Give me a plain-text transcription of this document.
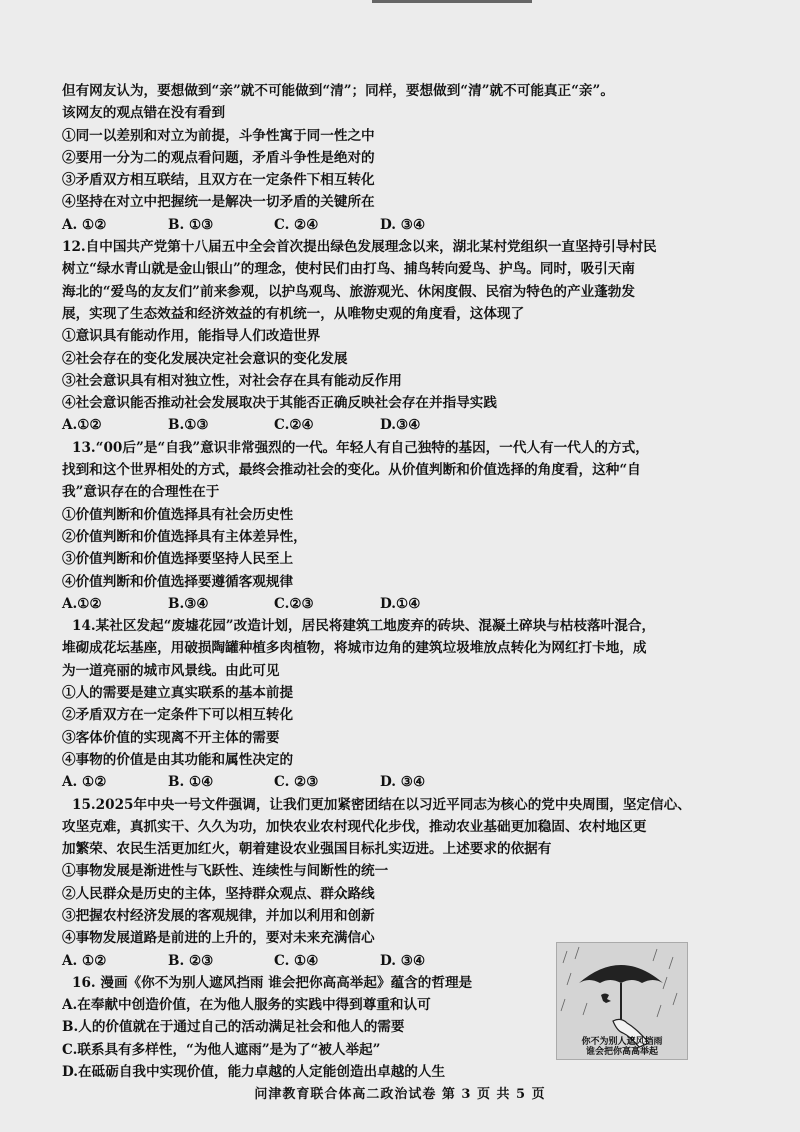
但有网友认为，要想做到“亲”就不可能做到“清”；同样，要想做到“清”就不可能真正“亲”。
该网友的观点错在没有看到
①同一以差别和对立为前提，斗争性寓于同一性之中
②要用一分为二的观点看问题，矛盾斗争性是绝对的
③矛盾双方相互联结，且双方在一定条件下相互转化
④坚持在对立中把握统一是解决一切矛盾的关键所在
A. ①②	B. ①③	C. ②④	D. ③④
12.自中国共产党第十八届五中全会首次提出绿色发展理念以来，湖北某村党组织一直坚持引导村民
树立“绿水青山就是金山银山”的理念，使村民们由打鸟、捕鸟转向爱鸟、护鸟。同时，吸引天南
海北的“爱鸟的友友们”前来参观，以护鸟观鸟、旅游观光、休闲度假、民宿为特色的产业蓬勃发
展，实现了生态效益和经济效益的有机统一，从唯物史观的角度看，这体现了
①意识具有能动作用，能指导人们改造世界
②社会存在的变化发展决定社会意识的变化发展
③社会意识具有相对独立性，对社会存在具有能动反作用
④社会意识能否推动社会发展取决于其能否正确反映社会存在并指导实践
A.①②	B.①③	C.②④	D.③④
13.“00后”是“自我”意识非常强烈的一代。年轻人有自己独特的基因，一代人有一代人的方式，
找到和这个世界相处的方式，最终会推动社会的变化。从价值判断和价值选择的角度看，这种“自
我”意识存在的合理性在于
①价值判断和价值选择具有社会历史性
②价值判断和价值选择具有主体差异性，
③价值判断和价值选择要坚持人民至上
④价值判断和价值选择要遵循客观规律
A.①②	B.③④	C.②③	D.①④
14.某社区发起“废墟花园”改造计划，居民将建筑工地废弃的砖块、混凝土碎块与枯枝落叶混合，
堆砌成花坛基座，用破损陶罐种植多肉植物，将城市边角的建筑垃圾堆放点转化为网红打卡地，成
为一道亮丽的城市风景线。由此可见
①人的需要是建立真实联系的基本前提
②矛盾双方在一定条件下可以相互转化
③客体价值的实现离不开主体的需要
④事物的价值是由其功能和属性决定的
A. ①②	B. ①④	C. ②③	D. ③④
15.2025年中央一号文件强调，让我们更加紧密团结在以习近平同志为核心的党中央周围，坚定信心、
攻坚克难，真抓实干、久久为功，加快农业农村现代化步伐，推动农业基础更加稳固、农村地区更
加繁荣、农民生活更加红火，朝着建设农业强国目标扎实迈进。上述要求的依据有
①事物发展是渐进性与飞跃性、连续性与间断性的统一
②人民群众是历史的主体，坚持群众观点、群众路线
③把握农村经济发展的客观规律，并加以利用和创新
④事物发展道路是前进的上升的，要对未来充满信心
A. ①②	B. ②③	C. ①④	D. ③④
16. 漫画《你不为别人遮风挡雨 谁会把你高高举起》蕴含的哲理是
A.在奉献中创造价值，在为他人服务的实践中得到尊重和认可
B.人的价值就在于通过自己的活动满足社会和他人的需要
C.联系具有多样性，“为他人遮雨”是为了“被人举起”
D.在砥砺自我中实现价值，能力卓越的人定能创造出卓越的人生
你不为别人遮风挡雨
谁会把你高高举起
问津教育联合体高二政治试卷 第 3 页 共 5 页
